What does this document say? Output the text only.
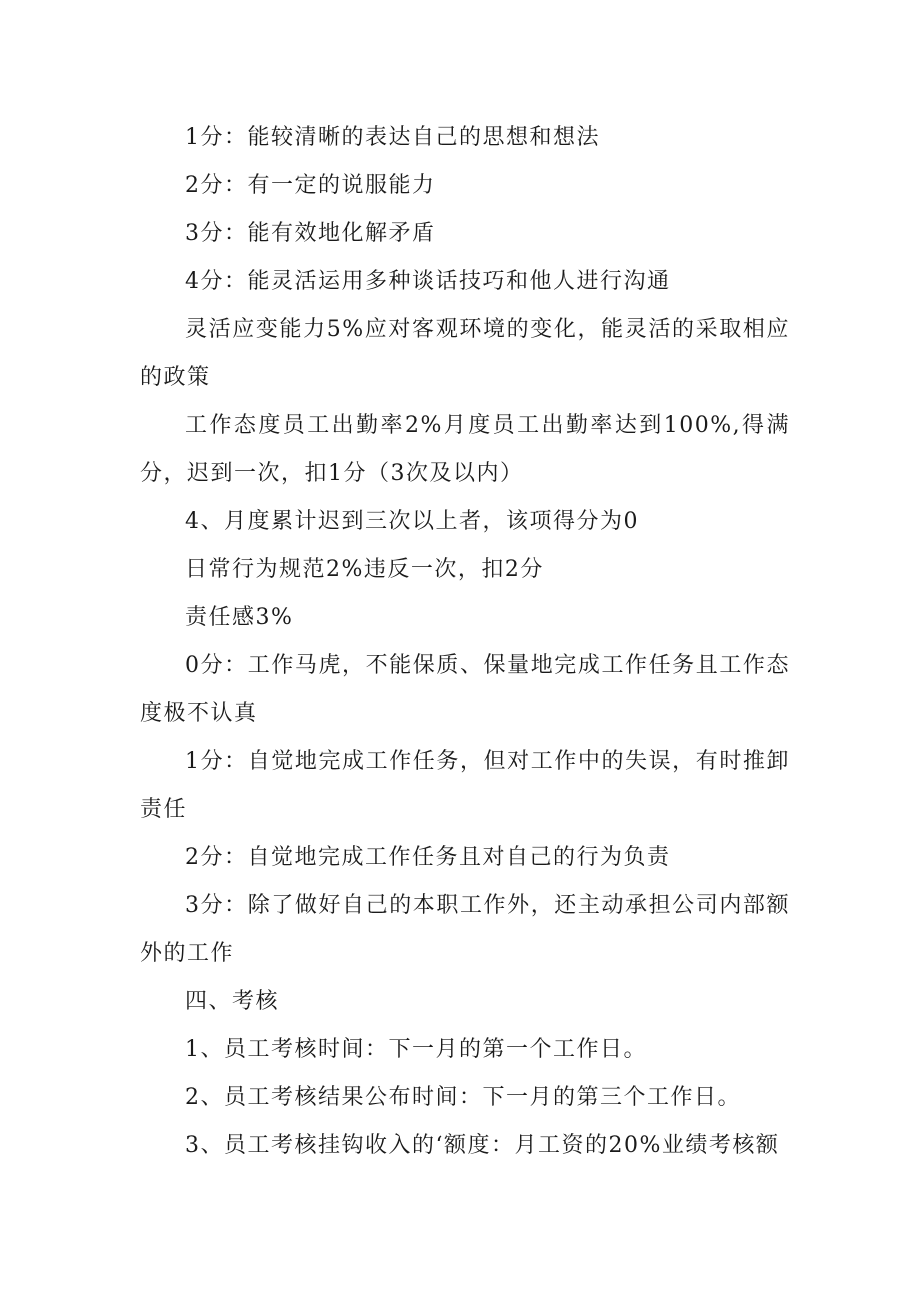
1分：能较清晰的表达自己的思想和想法

2分：有一定的说服能力

3分：能有效地化解矛盾

4分：能灵活运用多种谈话技巧和他人进行沟通

灵活应变能力5%应对客观环境的变化，能灵活的采取相应的政策

工作态度员工出勤率2%月度员工出勤率达到100%,得满分，迟到一次，扣1分（3次及以内）

4、月度累计迟到三次以上者，该项得分为0

日常行为规范2%违反一次，扣2分

责任感3%

0分：工作马虎，不能保质、保量地完成工作任务且工作态度极不认真

1分：自觉地完成工作任务，但对工作中的失误，有时推卸责任

2分：自觉地完成工作任务且对自己的行为负责

3分：除了做好自己的本职工作外，还主动承担公司内部额外的工作

四、考核

1、员工考核时间：下一月的第一个工作日。

2、员工考核结果公布时间：下一月的第三个工作日。

3、员工考核挂钩收入的‘额度：月工资的20%业绩考核额
